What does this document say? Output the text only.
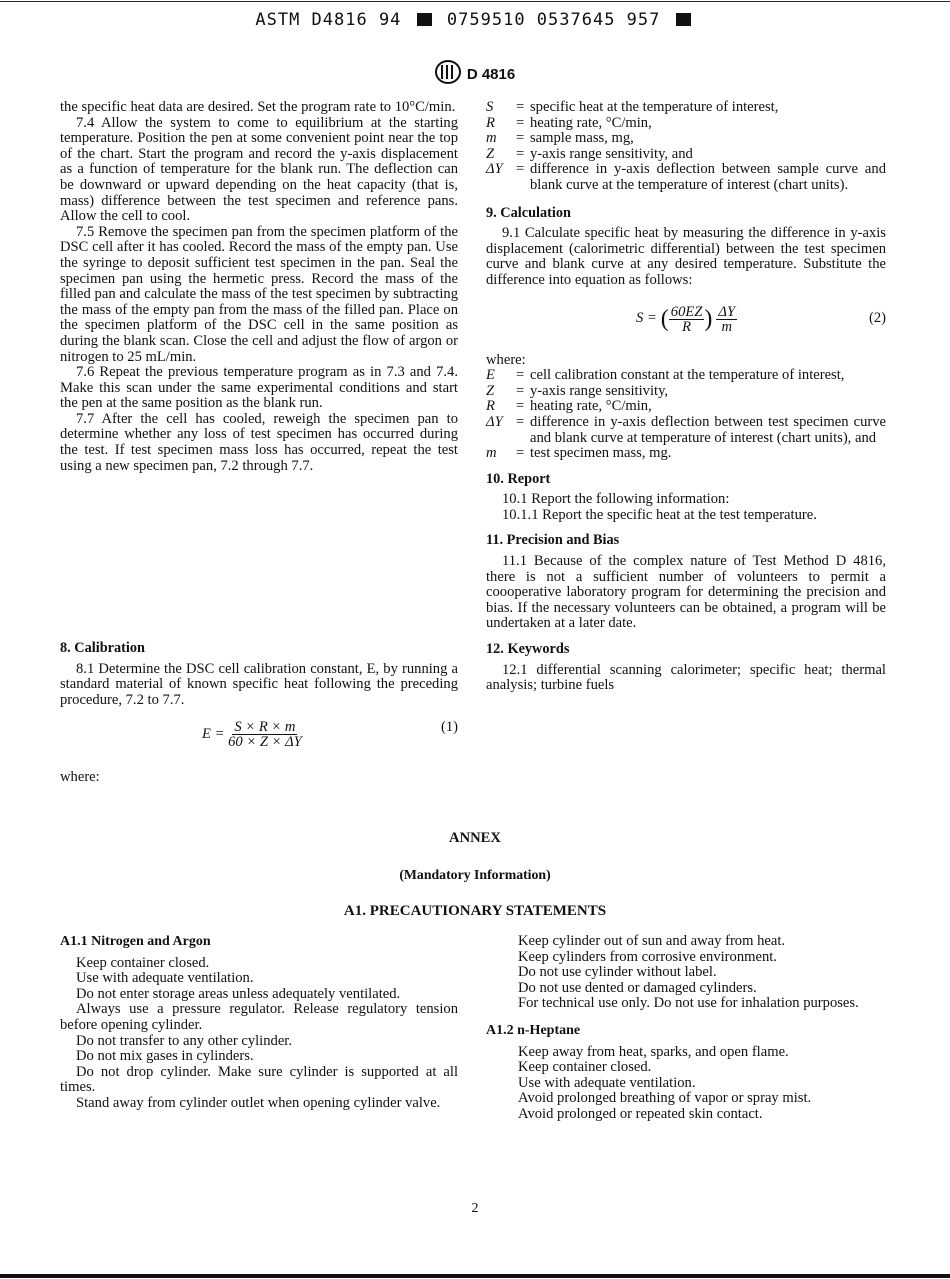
ASTM D4816 94	0759510 0537645 957
D 4816

the specific heat data are desired. Set the program rate to 10°C/min.

7.4 Allow the system to come to equilibrium at the starting temperature. Position the pen at some convenient point near the top of the chart. Start the program and record the y-axis displacement as a function of temperature for the blank run. The deflection can be downward or upward depending on the heat capacity (that is, mass) difference between the test specimen and reference pans. Allow the cell to cool.

7.5 Remove the specimen pan from the specimen platform of the DSC cell after it has cooled. Record the mass of the empty pan. Use the syringe to deposit sufficient test specimen in the pan. Seal the specimen pan using the hermetic press. Record the mass of the filled pan and calculate the mass of the test specimen by subtracting the mass of the empty pan from the mass of the filled pan. Place on the specimen platform of the DSC cell in the same position as during the blank scan. Close the cell and adjust the flow of argon or nitrogen to 25 mL/min.

7.6 Repeat the previous temperature program as in 7.3 and 7.4. Make this scan under the same experimental conditions and start the pen at the same position as the blank run.

7.7 After the cell has cooled, reweigh the specimen pan to determine whether any loss of test specimen has occurred during the test. If test specimen mass loss has occurred, repeat the test using a new specimen pan, 7.2 through 7.7.

8. Calibration

8.1 Determine the DSC cell calibration constant, E, by running a standard material of known specific heat following the preceding procedure, 7.2 to 7.7.

$E = \frac{S \times R \times m}{60 \times Z \times \Delta Y}$	(1)

where:

S	= specific heat at the temperature of interest,
R	= heating rate, °C/min,
m	= sample mass, mg,
Z	= y-axis range sensitivity, and
ΔY = difference in y-axis deflection between sample curve and blank curve at the temperature of interest (chart units).
9. Calculation

9.1 Calculate specific heat by measuring the difference in y-axis displacement (calorimetric differential) between the test specimen curve and blank curve at any desired temperature. Substitute the difference into equation as follows:

S = ( $\frac{60EZ}{R}$ ) $\frac{\Delta Y}{m}$	(2)

where:

E	= cell calibration constant at the temperature of interest,
Z	= y-axis range sensitivity,
R	= heating rate, °C/min,
ΔY = difference in y-axis deflection between test specimen curve and blank curve at temperature of interest (chart units), and
m	= test specimen mass, mg.
10. Report

10.1 Report the following information:

10.1.1 Report the specific heat at the test temperature.

11. Precision and Bias

11.1 Because of the complex nature of Test Method D 4816, there is not a sufficient number of volunteers to permit a coooperative laboratory program for determining the precision and bias. If the necessary volunteers can be obtained, a program will be undertaken at a later date.

12. Keywords

12.1 differential scanning calorimeter; specific heat; thermal analysis; turbine fuels

ANNEX
(Mandatory Information)
A1. PRECAUTIONARY STATEMENTS
A1.1 Nitrogen and Argon

Keep container closed.

Use with adequate ventilation.

Do not enter storage areas unless adequately ventilated.

Always use a pressure regulator. Release regulatory tension before opening cylinder.

Do not transfer to any other cylinder.

Do not mix gases in cylinders.

Do not drop cylinder. Make sure cylinder is supported at all times.

Stand away from cylinder outlet when opening cylinder valve.

Keep cylinder out of sun and away from heat.

Keep cylinders from corrosive environment.

Do not use cylinder without label.

Do not use dented or damaged cylinders.

For technical use only. Do not use for inhalation purposes.

A1.2 n-Heptane

Keep away from heat, sparks, and open flame.

Keep container closed.

Use with adequate ventilation.

Avoid prolonged breathing of vapor or spray mist.

Avoid prolonged or repeated skin contact.

2
